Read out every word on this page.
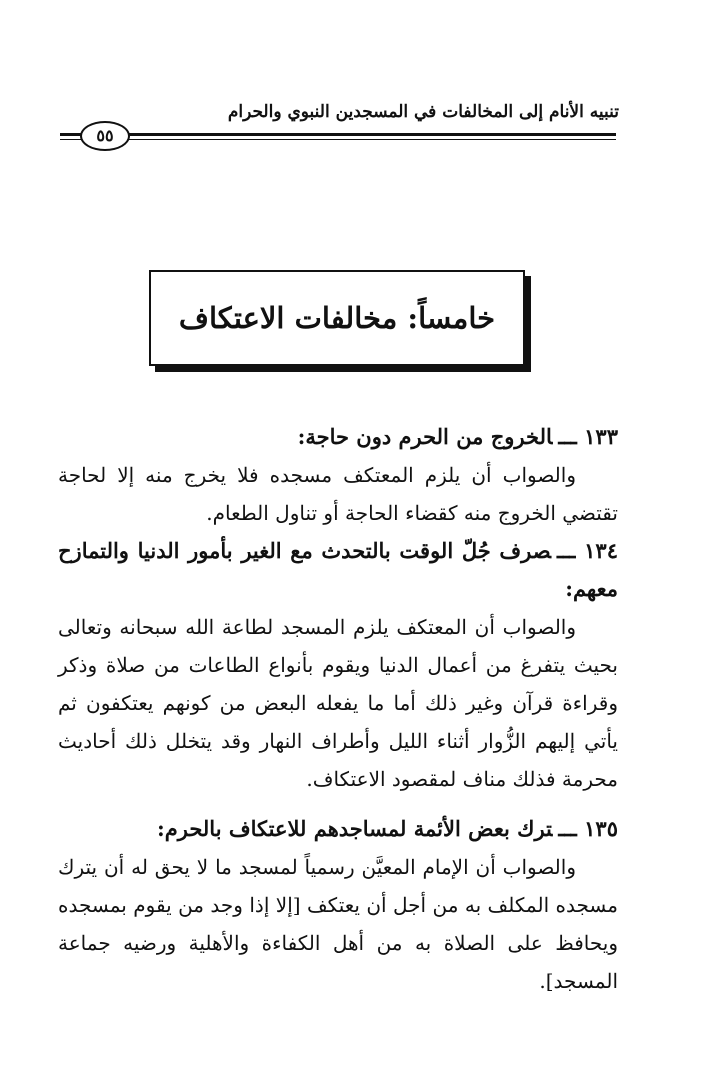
تنبيه الأنام إلى المخالفات في المسجدين النبوي والحرام
٥٥
خامساً: مخالفات الاعتكاف

١٣٣ ـــالخروج من الحرم دون حاجة:

والصواب أن يلزم المعتكف مسجده فلا يخرج منه إلا لحاجة تقتضي الخروج منه كقضاء الحاجة أو تناول الطعام.

١٣٤ ـــصرف جُلّ الوقت بالتحدث مع الغير بأمور الدنيا والتمازح معهم:

والصواب أن المعتكف يلزم المسجد لطاعة الله سبحانه وتعالى بحيث يتفرغ من أعمال الدنيا ويقوم بأنواع الطاعات من صلاة وذكر وقراءة قرآن وغير ذلك أما ما يفعله البعض من كونهم يعتكفون ثم يأتي إليهم الزُّوار أثناء الليل وأطراف النهار وقد يتخلل ذلك أحاديث محرمة فذلك مناف لمقصود الاعتكاف.

١٣٥ ـــترك بعض الأئمة لمساجدهم للاعتكاف بالحرم:

والصواب أن الإمام المعيَّن رسمياً لمسجد ما لا يحق له أن يترك مسجده المكلف به من أجل أن يعتكف [إلا إذا وجد من يقوم بمسجده ويحافظ على الصلاة به من أهل الكفاءة والأهلية ورضيه جماعة المسجد].
